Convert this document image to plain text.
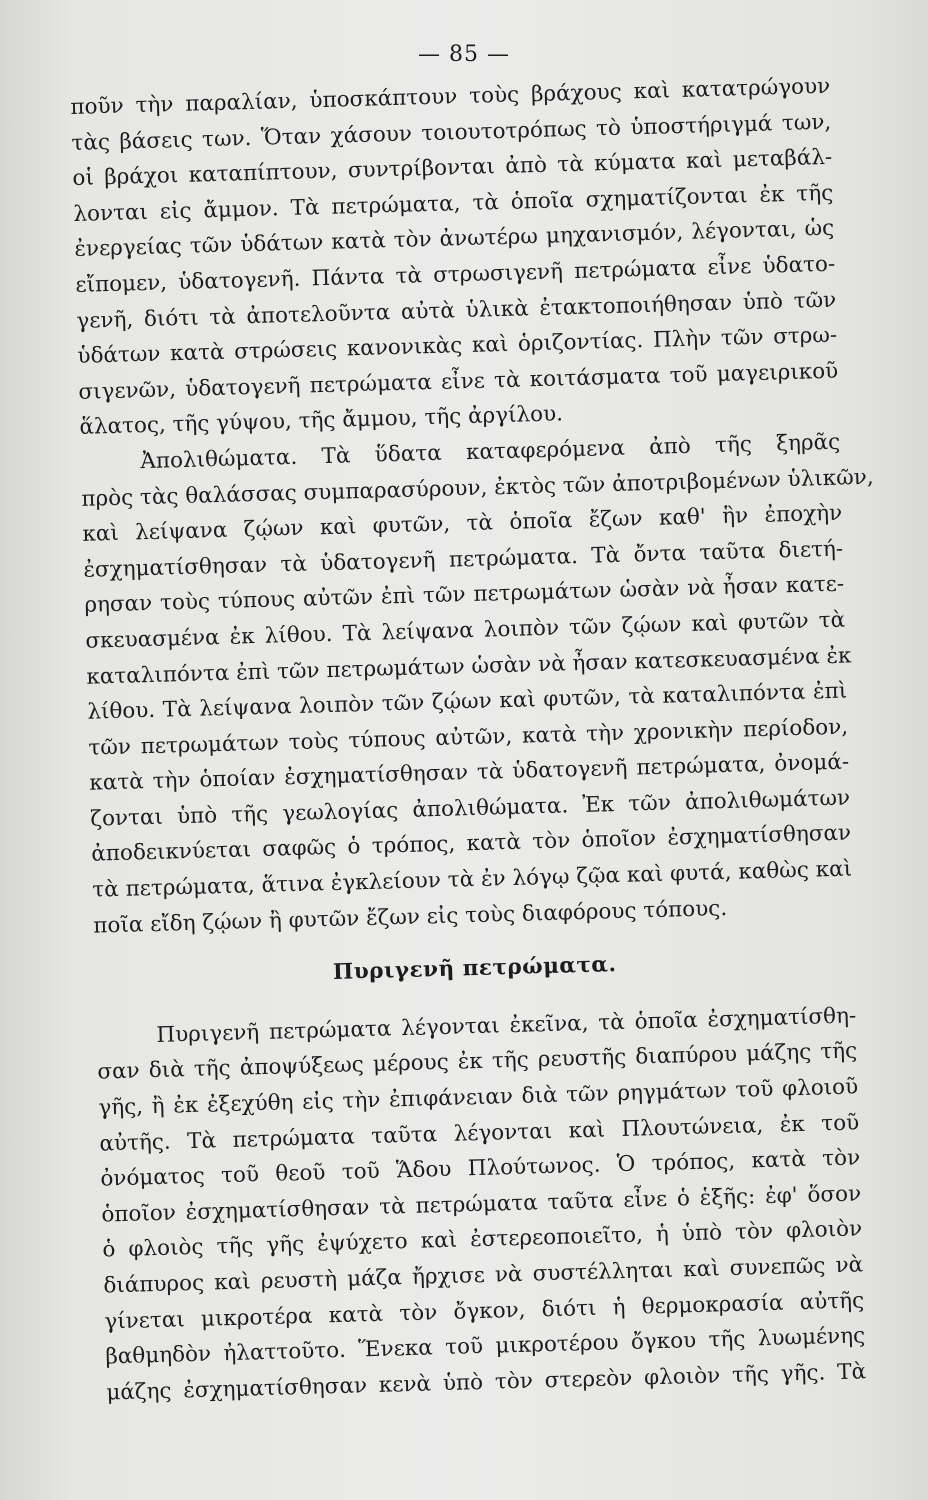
— 85 —
ποῦν τὴν παραλίαν, ὑποσκάπτουν τοὺς βράχους καὶ κατατρώγουν
τὰς βάσεις των. Ὅταν χάσουν τοιουτοτρόπως τὸ ὑποστήριγμά των,
οἱ βράχοι καταπίπτουν, συντρίβονται ἀπὸ τὰ κύματα καὶ μεταβάλ-
λονται εἰς ἄμμον. Τὰ πετρώματα, τὰ ὁποῖα σχηματίζονται ἐκ τῆς
ἐνεργείας τῶν ὑδάτων κατὰ τὸν ἀνωτέρω μηχανισμόν, λέγονται, ὡς
εἴπομεν, ὑδατογενῆ. Πάντα τὰ στρωσιγενῆ πετρώματα εἶνε ὑδατο-
γενῆ, διότι τὰ ἀποτελοῦντα αὐτὰ ὑλικὰ ἐτακτοποιήθησαν ὑπὸ τῶν
ὑδάτων κατὰ στρώσεις κανονικὰς καὶ ὁριζοντίας. Πλὴν τῶν στρω-
σιγενῶν, ὑδατογενῆ πετρώματα εἶνε τὰ κοιτάσματα τοῦ μαγειρικοῦ
ἅλατος, τῆς γύψου, τῆς ἄμμου, τῆς ἀργίλου.
Ἀπολιθώματα. Τὰ ὕδατα καταφερόμενα ἀπὸ τῆς ξηρᾶς
πρὸς τὰς θαλάσσας συμπαρασύρουν, ἐκτὸς τῶν ἀποτριβομένων ὑλικῶν,
καὶ λείψανα ζῴων καὶ φυτῶν, τὰ ὁποῖα ἔζων καθ' ἣν ἐποχὴν
ἐσχηματίσθησαν τὰ ὑδατογενῆ πετρώματα. Τὰ ὄντα ταῦτα διετή-
ρησαν τοὺς τύπους αὐτῶν ἐπὶ τῶν πετρωμάτων ὡσὰν νὰ ἦσαν κατε-
σκευασμένα ἐκ λίθου. Τὰ λείψανα λοιπὸν τῶν ζῴων καὶ φυτῶν τὰ
καταλιπόντα ἐπὶ τῶν πετρωμάτων ὡσὰν νὰ ἦσαν κατεσκευασμένα ἐκ
λίθου. Τὰ λείψανα λοιπὸν τῶν ζῴων καὶ φυτῶν, τὰ καταλιπόντα ἐπὶ
τῶν πετρωμάτων τοὺς τύπους αὐτῶν, κατὰ τὴν χρονικὴν περίοδον,
κατὰ τὴν ὁποίαν ἐσχηματίσθησαν τὰ ὑδατογενῆ πετρώματα, ὀνομά-
ζονται ὑπὸ τῆς γεωλογίας ἀπολιθώματα. Ἐκ τῶν ἀπολιθωμάτων
ἀποδεικνύεται σαφῶς ὁ τρόπος, κατὰ τὸν ὁποῖον ἐσχηματίσθησαν
τὰ πετρώματα, ἅτινα ἐγκλείουν τὰ ἐν λόγῳ ζῷα καὶ φυτά, καθὼς καὶ
ποῖα εἴδη ζῴων ἢ φυτῶν ἔζων εἰς τοὺς διαφόρους τόπους.
Πυριγενῆ πετρώματα.
Πυριγενῆ πετρώματα λέγονται ἐκεῖνα, τὰ ὁποῖα ἐσχηματίσθη-
σαν διὰ τῆς ἀποψύξεως μέρους ἐκ τῆς ρευστῆς διαπύρου μάζης τῆς
γῆς, ἢ ἐκ ἐξεχύθη εἰς τὴν ἐπιφάνειαν διὰ τῶν ρηγμάτων τοῦ φλοιοῦ
αὐτῆς. Τὰ πετρώματα ταῦτα λέγονται καὶ Πλουτώνεια, ἐκ τοῦ
ὀνόματος τοῦ θεοῦ τοῦ Ἅδου Πλούτωνος. Ὁ τρόπος, κατὰ τὸν
ὁποῖον ἐσχηματίσθησαν τὰ πετρώματα ταῦτα εἶνε ὁ ἑξῆς: ἐφ' ὅσον
ὁ φλοιὸς τῆς γῆς ἐψύχετο καὶ ἐστερεοποιεῖτο, ἡ ὑπὸ τὸν φλοιὸν
διάπυρος καὶ ρευστὴ μάζα ἤρχισε νὰ συστέλληται καὶ συνεπῶς νὰ
γίνεται μικροτέρα κατὰ τὸν ὄγκον, διότι ἡ θερμοκρασία αὐτῆς
βαθμηδὸν ἠλαττοῦτο. Ἕνεκα τοῦ μικροτέρου ὄγκου τῆς λυωμένης
μάζης ἐσχηματίσθησαν κενὰ ὑπὸ τὸν στερεὸν φλοιὸν τῆς γῆς. Τὰ
